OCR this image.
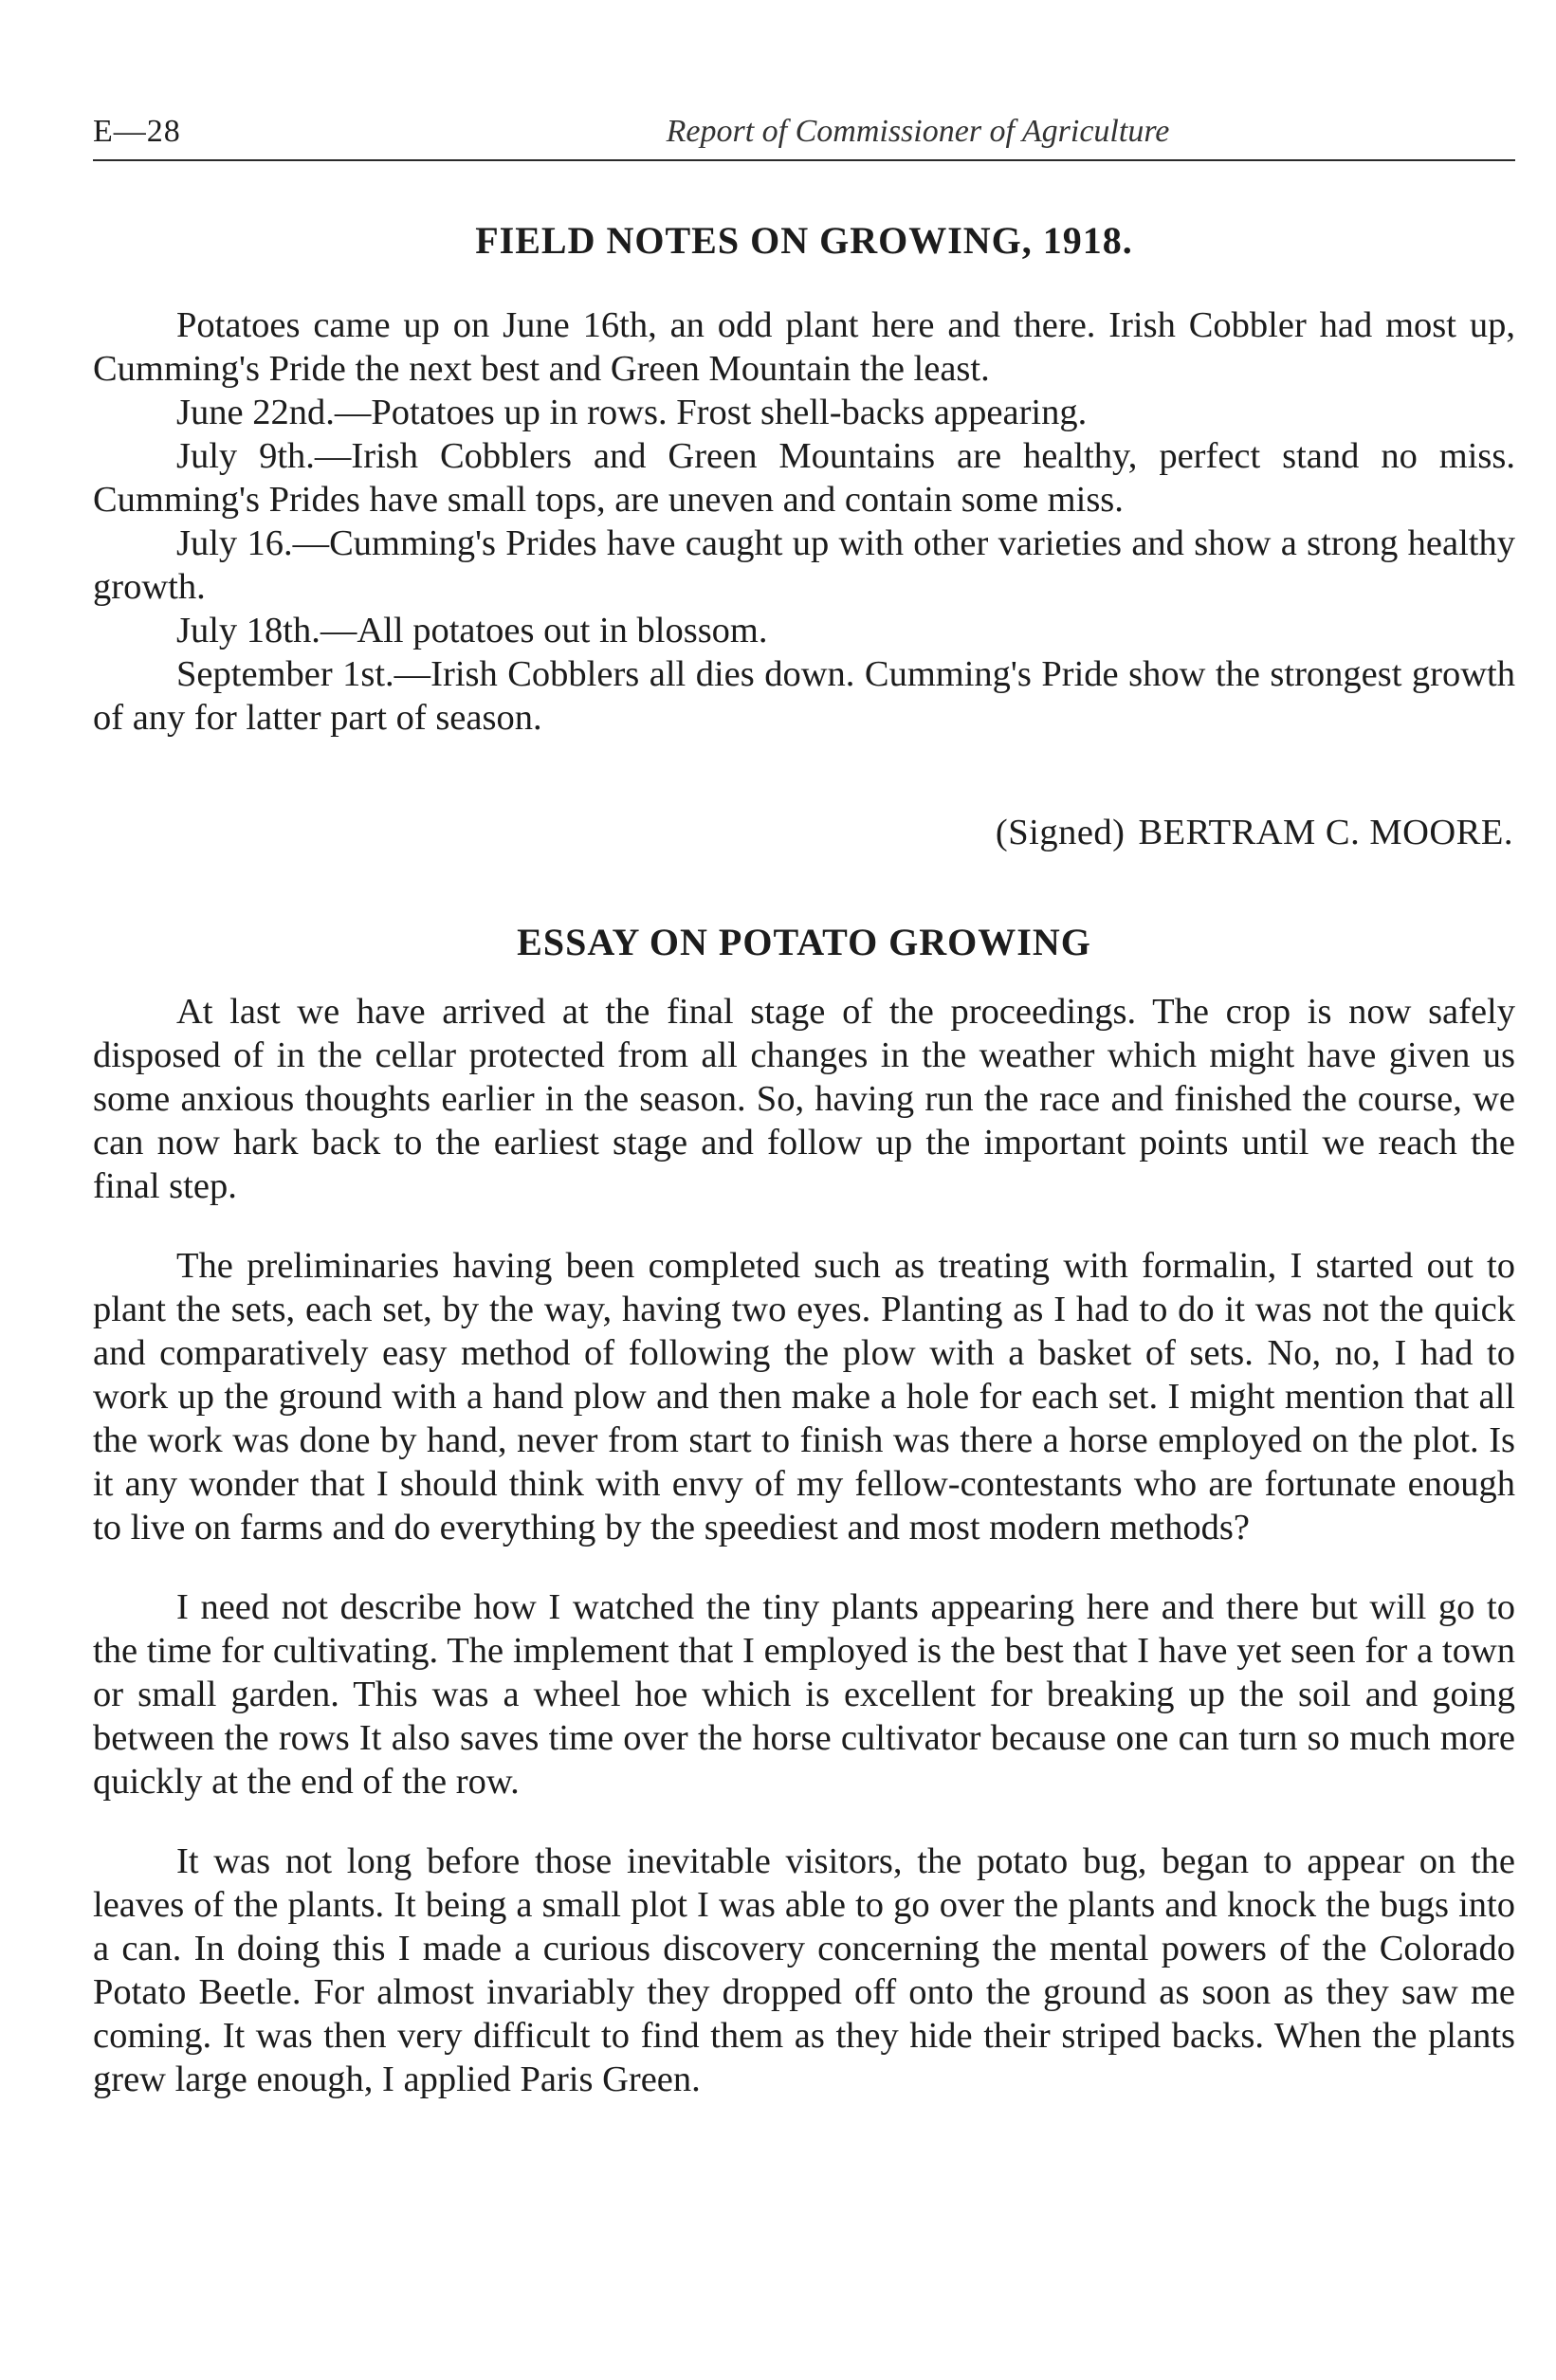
E—28	Report of Commissioner of Agriculture
FIELD NOTES ON GROWING, 1918.

Potatoes came up on June 16th, an odd plant here and there. Irish Cobbler had most up, Cumming's Pride the next best and Green Mountain the least.

June 22nd.—Potatoes up in rows. Frost shell-backs appearing.

July 9th.—Irish Cobblers and Green Mountains are healthy, perfect stand no miss. Cumming's Prides have small tops, are uneven and contain some miss.

July 16.—Cumming's Prides have caught up with other varieties and show a strong healthy growth.

July 18th.—All potatoes out in blossom.

September 1st.—Irish Cobblers all dies down. Cumming's Pride show the strongest growth of any for latter part of season.

(Signed) BERTRAM C. MOORE.
ESSAY ON POTATO GROWING

At last we have arrived at the final stage of the proceedings. The crop is now safely disposed of in the cellar protected from all changes in the weather which might have given us some anxious thoughts earlier in the season. So, having run the race and finished the course, we can now hark back to the earliest stage and follow up the important points until we reach the final step.

The preliminaries having been completed such as treating with formalin, I started out to plant the sets, each set, by the way, having two eyes. Planting as I had to do it was not the quick and comparatively easy method of following the plow with a basket of sets. No, no, I had to work up the ground with a hand plow and then make a hole for each set. I might mention that all the work was done by hand, never from start to finish was there a horse employed on the plot. Is it any wonder that I should think with envy of my fellow-contestants who are fortunate enough to live on farms and do everything by the speediest and most modern methods?

I need not describe how I watched the tiny plants appearing here and there but will go to the time for cultivating. The implement that I employed is the best that I have yet seen for a town or small garden. This was a wheel hoe which is excellent for breaking up the soil and going between the rows It also saves time over the horse cultivator because one can turn so much more quickly at the end of the row.

It was not long before those inevitable visitors, the potato bug, began to appear on the leaves of the plants. It being a small plot I was able to go over the plants and knock the bugs into a can. In doing this I made a curious discovery concerning the mental powers of the Colorado Potato Beetle. For almost invariably they dropped off onto the ground as soon as they saw me coming. It was then very difficult to find them as they hide their striped backs. When the plants grew large enough, I applied Paris Green.
